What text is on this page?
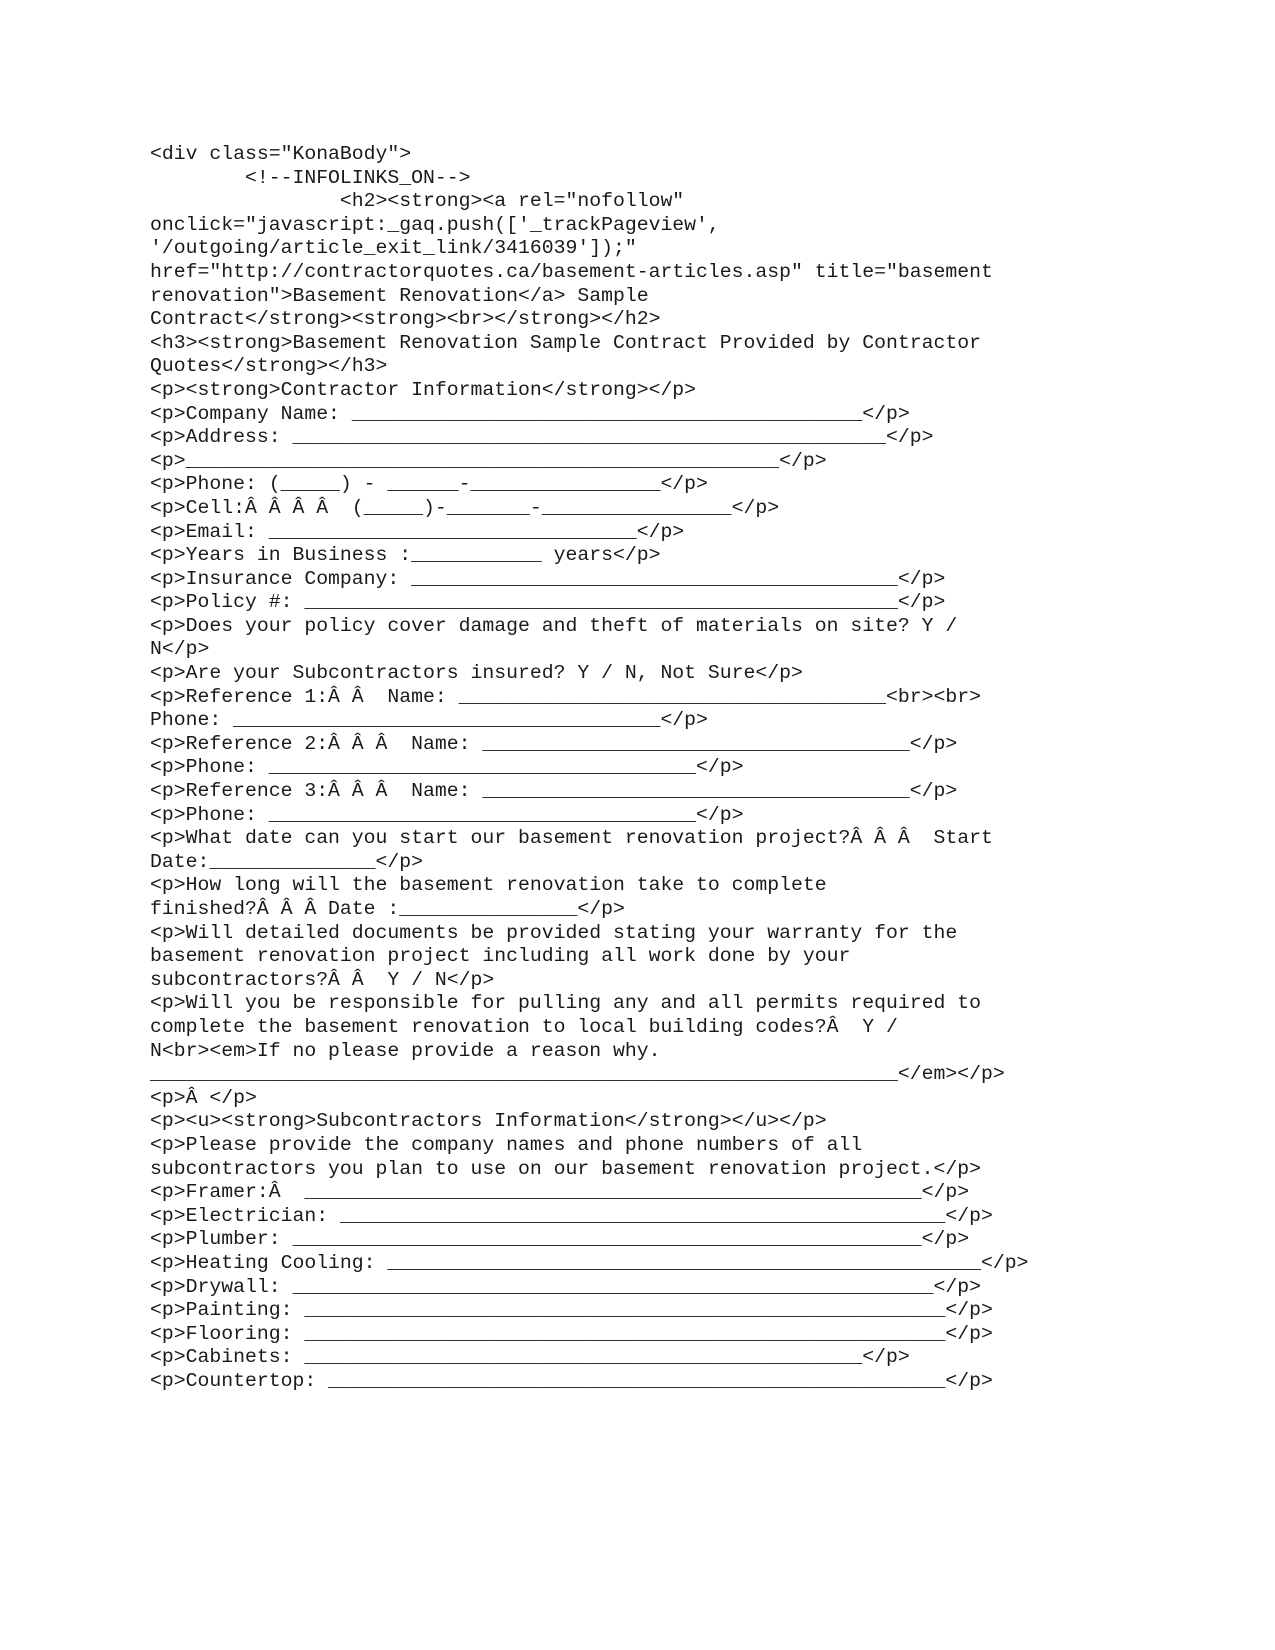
<div class="KonaBody">
<!--INFOLINKS_ON-->
<h2><strong><a rel="nofollow"
onclick="javascript:_gaq.push(['_trackPageview',
'/outgoing/article_exit_link/3416039']);"
href="http://contractorquotes.ca/basement-articles.asp" title="basement
renovation">Basement Renovation</a> Sample
Contract</strong><strong><br></strong></h2>
<h3><strong>Basement Renovation Sample Contract Provided by Contractor
Quotes</strong></h3>
<p><strong>Contractor Information</strong></p>
<p>Company Name: ___________________________________________</p>
<p>Address: __________________________________________________</p>
<p>__________________________________________________</p>
<p>Phone: (_____) - ______-________________</p>
<p>Cell:Â Â Â Â  (_____)-_______-________________</p>
<p>Email: _______________________________</p>
<p>Years in Business :___________ years</p>
<p>Insurance Company: _________________________________________</p>
<p>Policy #: __________________________________________________</p>
<p>Does your policy cover damage and theft of materials on site? Y /
N</p>
<p>Are your Subcontractors insured? Y / N, Not Sure</p>
<p>Reference 1:Â Â  Name: ____________________________________<br><br>
Phone: ____________________________________</p>
<p>Reference 2:Â Â Â  Name: ____________________________________</p>
<p>Phone: ____________________________________</p>
<p>Reference 3:Â Â Â  Name: ____________________________________</p>
<p>Phone: ____________________________________</p>
<p>What date can you start our basement renovation project?Â Â Â  Start
Date:______________</p>
<p>How long will the basement renovation take to complete
finished?Â Â Â Date :_______________</p>
<p>Will detailed documents be provided stating your warranty for the
basement renovation project including all work done by your
subcontractors?Â Â  Y / N</p>
<p>Will you be responsible for pulling any and all permits required to
complete the basement renovation to local building codes?Â  Y /
N<br><em>If no please provide a reason why.
_______________________________________________________________</em></p>
<p>Â </p>
<p><u><strong>Subcontractors Information</strong></u></p>
<p>Please provide the company names and phone numbers of all
subcontractors you plan to use on our basement renovation project.</p>
<p>Framer:Â  ____________________________________________________</p>
<p>Electrician: ___________________________________________________</p>
<p>Plumber: _____________________________________________________</p>
<p>Heating Cooling: __________________________________________________</p>
<p>Drywall: ______________________________________________________</p>
<p>Painting: ______________________________________________________</p>
<p>Flooring: ______________________________________________________</p>
<p>Cabinets: _______________________________________________</p>
<p>Countertop: ____________________________________________________</p>
